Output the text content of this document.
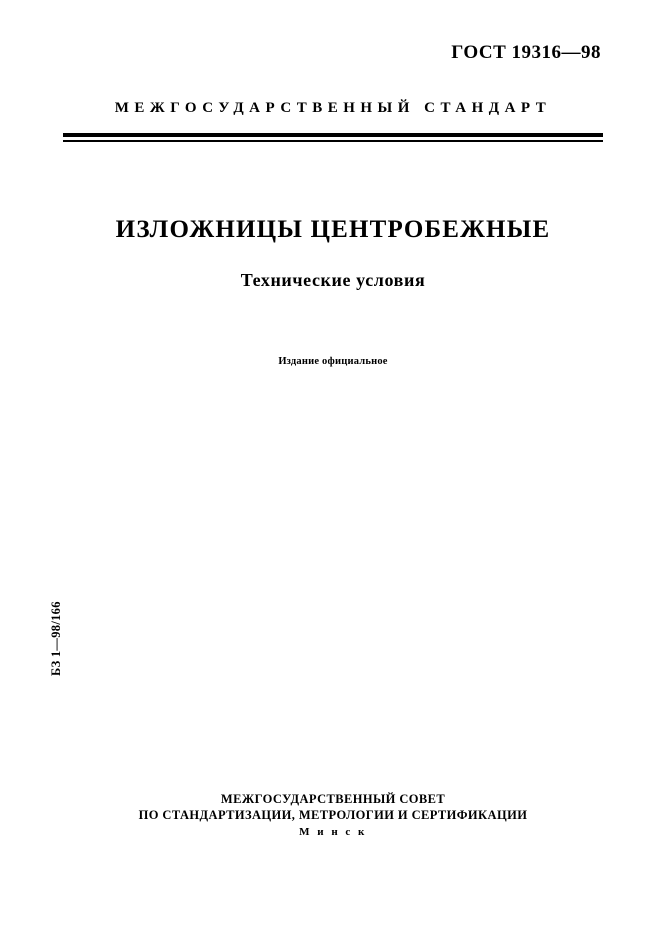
ГОСТ 19316—98
МЕЖГОСУДАРСТВЕННЫЙ СТАНДАРТ
ИЗЛОЖНИЦЫ ЦЕНТРОБЕЖНЫЕ
Технические условия
Издание официальное
БЗ 1—98/166
МЕЖГОСУДАРСТВЕННЫЙ СОВЕТ
ПО СТАНДАРТИЗАЦИИ, МЕТРОЛОГИИ И СЕРТИФИКАЦИИ
М и н с к
